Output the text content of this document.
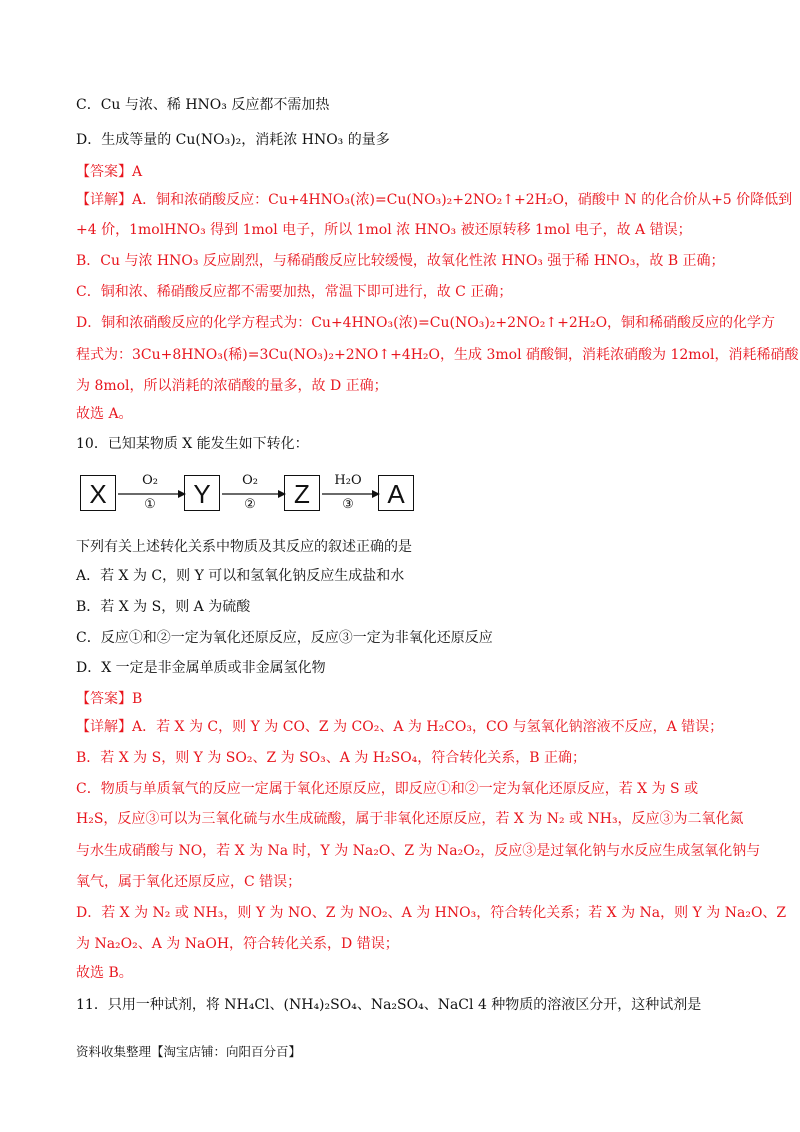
C．Cu 与浓、稀 HNO₃ 反应都不需加热
D．生成等量的 Cu(NO₃)₂，消耗浓 HNO₃ 的量多
【答案】A
【详解】A．铜和浓硝酸反应：Cu+4HNO₃(浓)=Cu(NO₃)₂+2NO₂↑+2H₂O，硝酸中 N 的化合价从+5 价降低到
+4 价，1molHNO₃ 得到 1mol 电子，所以 1mol 浓 HNO₃ 被还原转移 1mol 电子，故 A 错误；
B．Cu 与浓 HNO₃ 反应剧烈，与稀硝酸反应比较缓慢，故氧化性浓 HNO₃ 强于稀 HNO₃，故 B 正确；
C．铜和浓、稀硝酸反应都不需要加热，常温下即可进行，故 C 正确；
D．铜和浓硝酸反应的化学方程式为：Cu+4HNO₃(浓)=Cu(NO₃)₂+2NO₂↑+2H₂O，铜和稀硝酸反应的化学方
程式为：3Cu+8HNO₃(稀)=3Cu(NO₃)₂+2NO↑+4H₂O，生成 3mol 硝酸铜，消耗浓硝酸为 12mol，消耗稀硝酸
为 8mol，所以消耗的浓硝酸的量多，故 D 正确；
故选 A。
10．已知某物质 X 能发生如下转化：
下列有关上述转化关系中物质及其反应的叙述正确的是
A．若 X 为 C，则 Y 可以和氢氧化钠反应生成盐和水
B．若 X 为 S，则 A 为硫酸
C．反应①和②一定为氧化还原反应，反应③一定为非氧化还原反应
D．X 一定是非金属单质或非金属氢化物
【答案】B
【详解】A．若 X 为 C，则 Y 为 CO、Z 为 CO₂、A 为 H₂CO₃，CO 与氢氧化钠溶液不反应，A 错误；
B．若 X 为 S，则 Y 为 SO₂、Z 为 SO₃、A 为 H₂SO₄，符合转化关系，B 正确；
C．物质与单质氧气的反应一定属于氧化还原反应，即反应①和②一定为氧化还原反应，若 X 为 S 或
H₂S，反应③可以为三氧化硫与水生成硫酸，属于非氧化还原反应，若 X 为 N₂ 或 NH₃，反应③为二氧化氮
与水生成硝酸与 NO，若 X 为 Na 时，Y 为 Na₂O、Z 为 Na₂O₂，反应③是过氧化钠与水反应生成氢氧化钠与
氧气，属于氧化还原反应，C 错误；
D．若 X 为 N₂ 或 NH₃，则 Y 为 NO、Z 为 NO₂、A 为 HNO₃，符合转化关系；若 X 为 Na，则 Y 为 Na₂O、Z
为 Na₂O₂、A 为 NaOH，符合转化关系，D 错误；
故选 B。
11．只用一种试剂，将 NH₄Cl、(NH₄)₂SO₄、Na₂SO₄、NaCl 4 种物质的溶液区分开，这种试剂是
X	Y	Z	A
O₂	O₂	H₂O
①	②	③
资料收集整理【淘宝店铺：向阳百分百】
